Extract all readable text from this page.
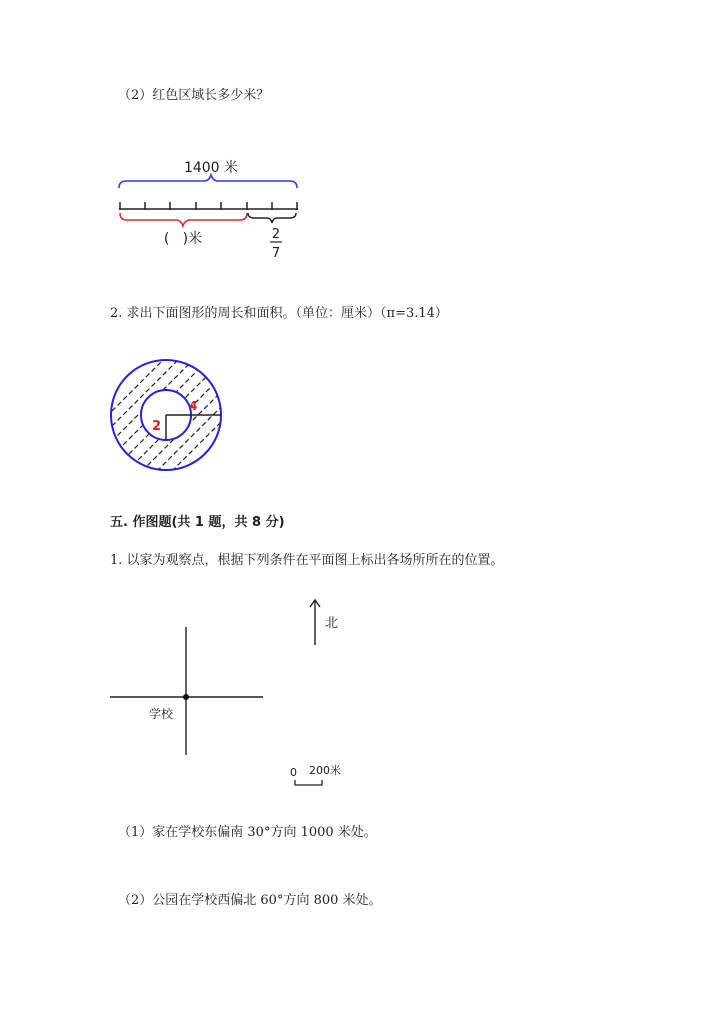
（2）红色区域长多少米？
1400 米
(   )米	2
7
2. 求出下面图形的周长和面积。（单位：厘米）（π=3.14）
2
4
五. 作图题(共 1 题，共 8 分)
1. 以家为观察点，根据下列条件在平面图上标出各场所所在的位置。
北
学校
0 200米
（1）家在学校东偏南 30°方向 1000 米处。
（2）公园在学校西偏北 60°方向 800 米处。
